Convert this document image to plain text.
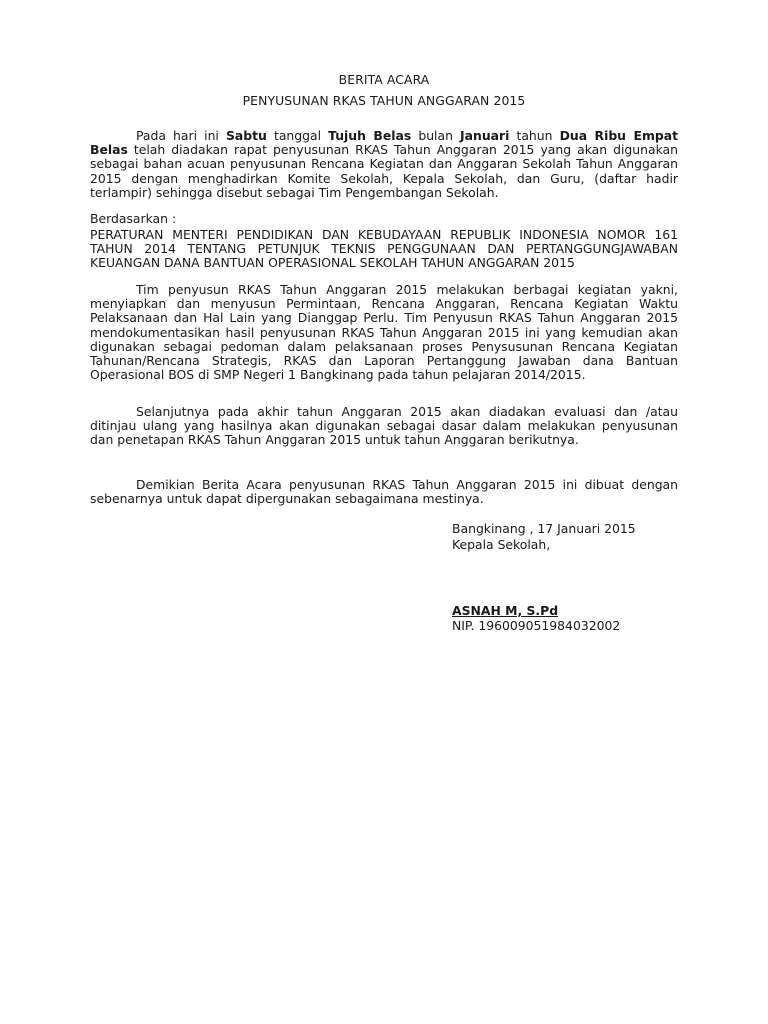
BERITA ACARA
PENYUSUNAN RKAS TAHUN ANGGARAN 2015
Pada hari ini Sabtu tanggal Tujuh Belas bulan Januari tahun Dua Ribu Empat Belas telah diadakan rapat penyusunan RKAS Tahun Anggaran 2015 yang akan digunakan sebagai bahan acuan penyusunan Rencana Kegiatan dan Anggaran Sekolah Tahun Anggaran 2015 dengan menghadirkan Komite Sekolah, Kepala Sekolah, dan Guru, (daftar hadir terlampir) sehingga disebut sebagai Tim Pengembangan Sekolah.
Berdasarkan :
PERATURAN MENTERI PENDIDIKAN DAN KEBUDAYAAN REPUBLIK INDONESIA NOMOR 161 TAHUN 2014 TENTANG PETUNJUK TEKNIS PENGGUNAAN DAN PERTANGGUNGJAWABAN KEUANGAN DANA BANTUAN OPERASIONAL SEKOLAH TAHUN ANGGARAN 2015
Tim penyusun RKAS Tahun Anggaran 2015 melakukan berbagai kegiatan yakni, menyiapkan dan menyusun Permintaan, Rencana Anggaran, Rencana Kegiatan Waktu Pelaksanaan dan Hal Lain yang Dianggap Perlu. Tim Penyusun RKAS Tahun Anggaran 2015 mendokumentasikan hasil penyusunan RKAS Tahun Anggaran 2015 ini yang kemudian akan digunakan sebagai pedoman dalam pelaksanaan proses Penysusunan Rencana Kegiatan Tahunan/Rencana Strategis, RKAS dan Laporan Pertanggung Jawaban dana Bantuan Operasional BOS di SMP Negeri 1 Bangkinang pada tahun pelajaran 2014/2015.
Selanjutnya pada akhir tahun Anggaran 2015 akan diadakan evaluasi dan /atau ditinjau ulang yang hasilnya akan digunakan sebagai dasar dalam melakukan penyusunan dan penetapan RKAS Tahun Anggaran 2015 untuk tahun Anggaran berikutnya.
Demikian Berita Acara penyusunan RKAS Tahun Anggaran 2015 ini dibuat dengan sebenarnya untuk dapat dipergunakan sebagaimana mestinya.
Bangkinang , 17 Januari 2015
Kepala Sekolah,
ASNAH M, S.Pd
NIP. 196009051984032002
